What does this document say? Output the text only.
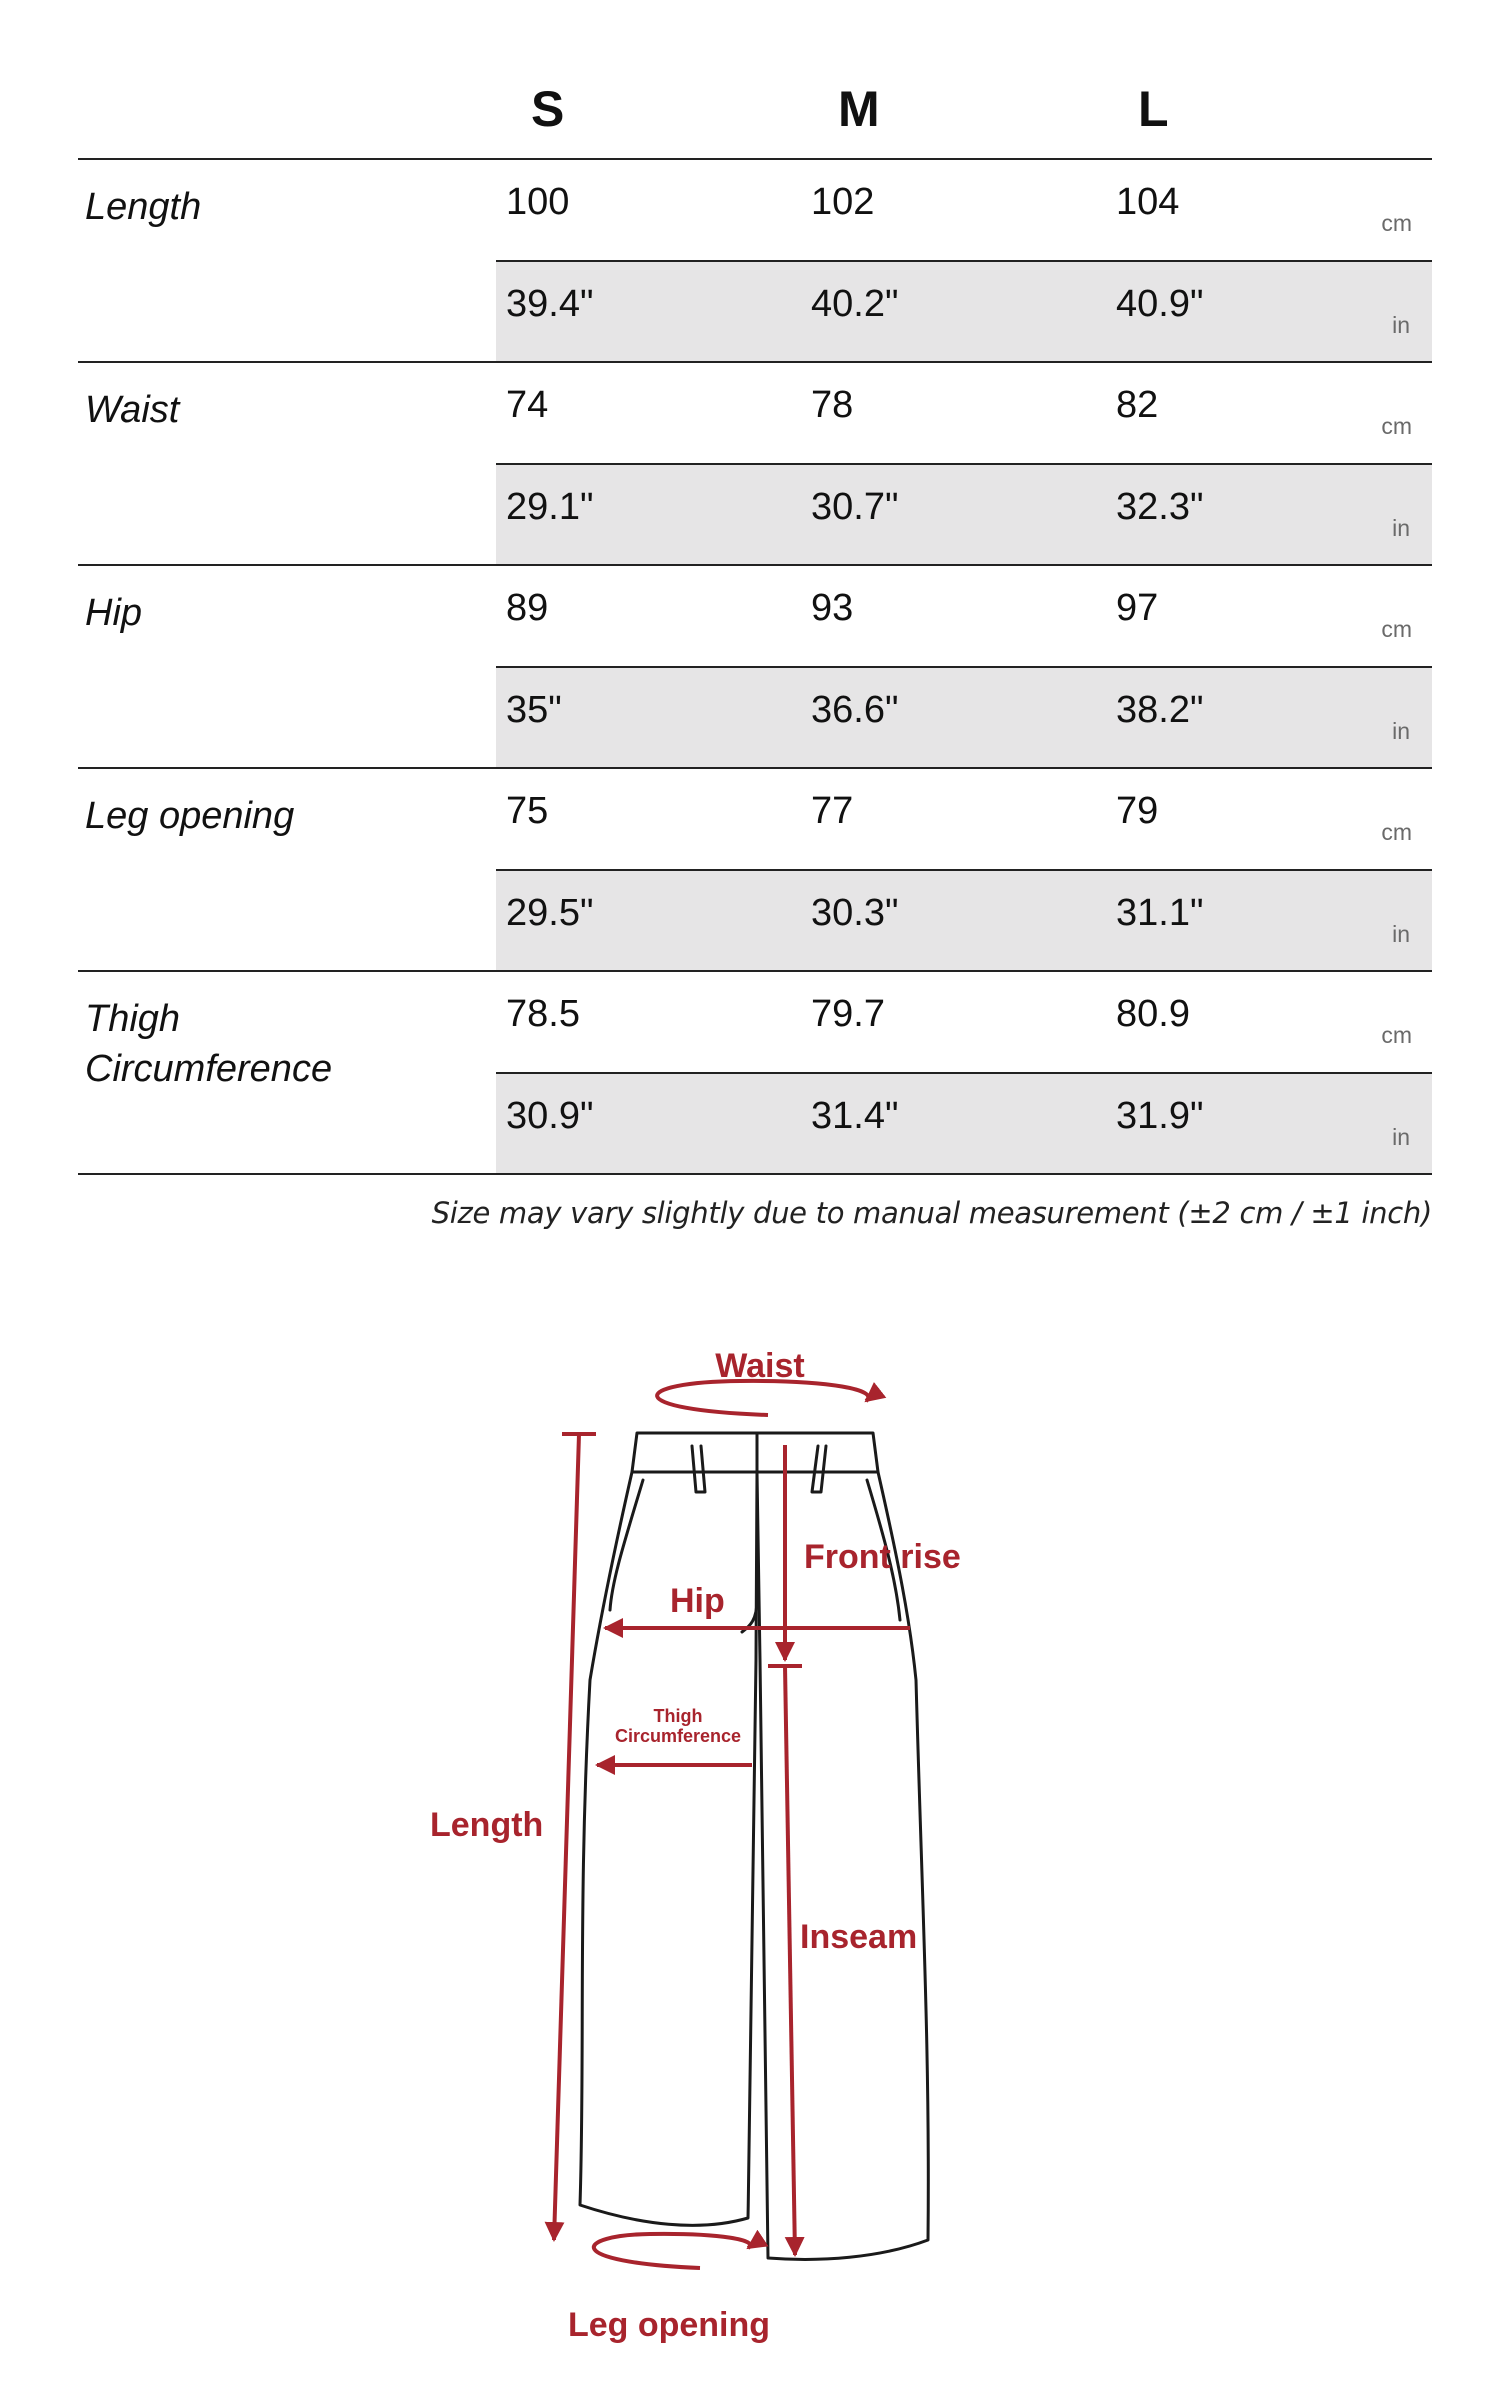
S	M	L
Length	100	102	104	cm
39.4"	40.2"	40.9"	in
Waist	74	78	82	cm
29.1"	30.7"	32.3"	in
Hip	89	93	97	cm
35"	36.6"	38.2"	in
Leg opening	75	77	79	cm
29.5"	30.3"	31.1"	in
Thigh
Circumference
78.5	79.7	80.9	cm
30.9"	31.4"	31.9"	in
Size may vary slightly due to manual measurement (±2 cm / ±1 inch)
Waist
Front rise
Hip
Thigh
Circumference
Length
Inseam
Leg opening
